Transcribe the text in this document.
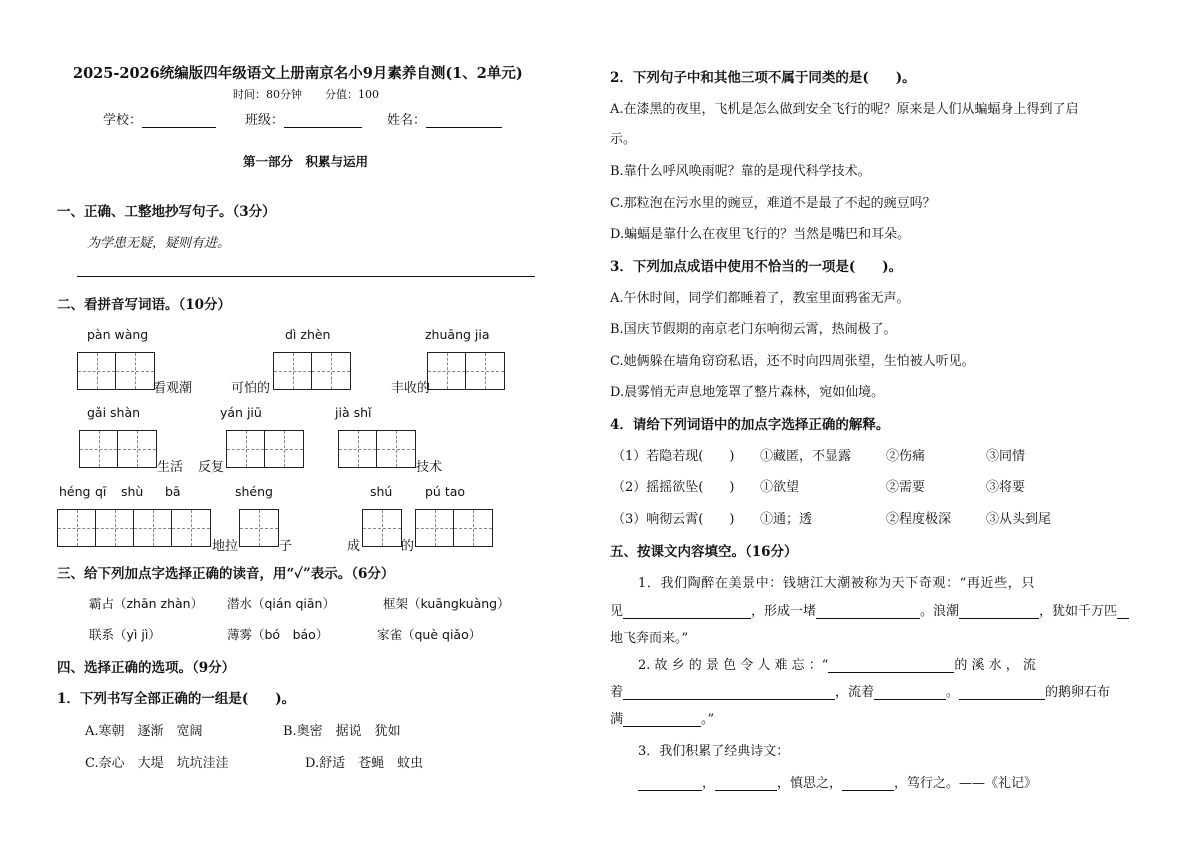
2025-2026统编版四年级语文上册南京名小9月素养自测(1、2单元)
时间：80分钟 分值：100
学校：	班级：	姓名：
第一部分　积累与运用
一、正确、工整地抄写句子。（3分）
为学患无疑，疑则有进。
二、看拼音写词语。（10分）
pàn wàng	dì zhèn	zhuāng jia
看观潮	可怕的	丰收的
gǎi shàn	yán jiū	jià shǐ
生活 反复	技术
héng qī shù bā	shéng	shú	pú tao
地拉	子	成	的
三、给下列加点字选择正确的读音，用“✓”表示。（6分）
霸占（zhān zhàn） 潜水（qián qiān）	框架（kuāngkuàng）
联系（yì jì）	薄雾（bó　báo）	家雀（què qiǎo）
四、选择正确的选项。（9分）
1．下列书写全部正确的一组是(　　)。
A.寒朝　逐渐　宽阔	B.奥密　据说　犹如
C.奈心　大堤　坑坑洼洼	D.舒适　苍蝇　蚊虫
2．下列句子中和其他三项不属于同类的是(　　)。
A.在漆黑的夜里，飞机是怎么做到安全飞行的呢？原来是人们从蝙蝠身上得到了启
示。
B.靠什么呼风唤雨呢？靠的是现代科学技术。
C.那粒泡在污水里的豌豆，难道不是最了不起的豌豆吗？
D.蝙蝠是靠什么在夜里飞行的？当然是嘴巴和耳朵。
3．下列加点成语中使用不恰当的一项是(　　)。
A.午休时间，同学们都睡着了，教室里面鸦雀无声。
B.国庆节假期的南京老门东响彻云霄，热闹极了。
C.她俩躲在墙角窃窃私语，还不时向四周张望，生怕被人听见。
D.晨雾悄无声息地笼罩了整片森林，宛如仙境。
4．请给下列词语中的加点字选择正确的解释。
（1）若隐若现(　　) ①藏匿，不显露	②伤痛	③同情
（2）摇摇欲坠(　　) ①欲望	②需要	③将要
（3）响彻云霄(　　) ①通；透	②程度极深	③从头到尾
五、按课文内容填空。（16分）
1．我们陶醉在美景中：钱塘江大潮被称为天下奇观：“再近些，只
见	，形成一堵	。浪潮	，犹如千万匹
地飞奔而来。”
2. 故 乡 的 景 色 令 人 难 忘 ：“	的 溪 水 ， 流
着	，流着	。	的鹅卵石布
满	。”
3．我们积累了经典诗文：
，	，慎思之，	，笃行之。——《礼记》
